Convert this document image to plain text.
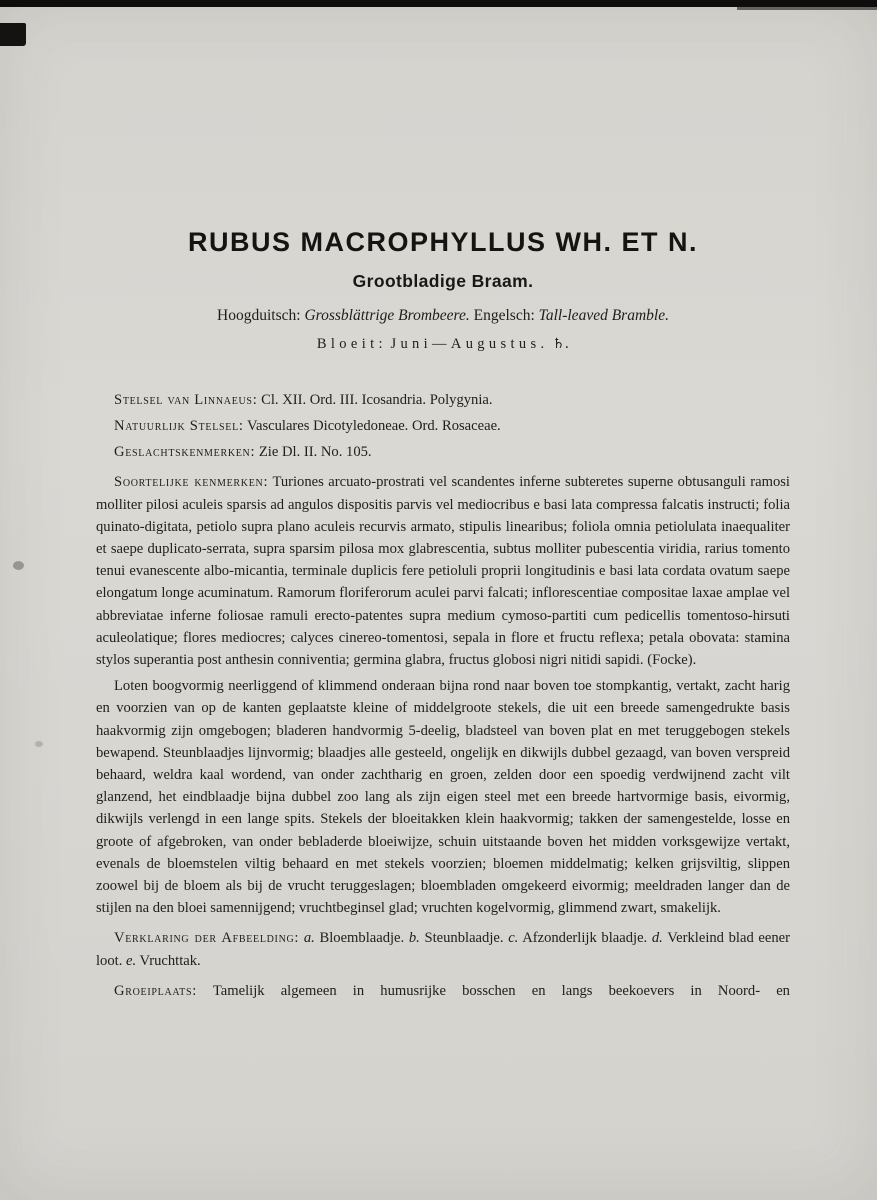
RUBUS MACROPHYLLUS WH. ET N.
Grootbladige Braam.

Hoogduitsch: Grossblättrige Brombeere. Engelsch: Tall-leaved Bramble.

Bloeit: Juni—Augustus. ♄.

Stelsel van Linnaeus: Cl. XII. Ord. III. Icosandria. Polygynia.

Natuurlijk Stelsel: Vasculares Dicotyledoneae. Ord. Rosaceae.

Geslachtskenmerken: Zie Dl. II. No. 105.

Soortelijke kenmerken: Turiones arcuato-prostrati vel scandentes inferne subteretes superne obtusanguli ramosi molliter pilosi aculeis sparsis ad angulos dispositis parvis vel mediocribus e basi lata compressa falcatis instructi; folia quinato-digitata, petiolo supra plano aculeis recurvis armato, stipulis linearibus; foliola omnia petiolulata inaequaliter et saepe duplicato-serrata, supra sparsim pilosa mox glabrescentia, subtus molliter pubescentia viridia, rarius tomento tenui evanescente albo-micantia, terminale duplicis fere petioluli proprii longitudinis e basi lata cordata ovatum saepe elongatum longe acuminatum. Ramorum floriferorum aculei parvi falcati; inflorescentiae compositae laxae amplae vel abbreviatae inferne foliosae ramuli erecto-patentes supra medium cymoso-partiti cum pedicellis tomentoso-hirsuti aculeolatique; flores mediocres; calyces cinereo-tomentosi, sepala in flore et fructu reflexa; petala obovata: stamina stylos superantia post anthesin conniventia; germina glabra, fructus globosi nigri nitidi sapidi. (Focke).

Loten boogvormig neerliggend of klimmend onderaan bijna rond naar boven toe stompkantig, vertakt, zacht harig en voorzien van op de kanten geplaatste kleine of middelgroote stekels, die uit een breede samengedrukte basis haakvormig zijn omgebogen; bladeren handvormig 5-deelig, bladsteel van boven plat en met teruggebogen stekels bewapend. Steunblaadjes lijnvormig; blaadjes alle gesteeld, ongelijk en dikwijls dubbel gezaagd, van boven verspreid behaard, weldra kaal wordend, van onder zachtharig en groen, zelden door een spoedig verdwijnend zacht vilt glanzend, het eindblaadje bijna dubbel zoo lang als zijn eigen steel met een breede hartvormige basis, eivormig, dikwijls verlengd in een lange spits. Stekels der bloeitakken klein haakvormig; takken der samengestelde, losse en groote of afgebroken, van onder bebladerde bloeiwijze, schuin uitstaande boven het midden vorksgewijze vertakt, evenals de bloemstelen viltig behaard en met stekels voorzien; bloemen middelmatig; kelken grijsviltig, slippen zoowel bij de bloem als bij de vrucht teruggeslagen; bloembladen omgekeerd eivormig; meeldraden langer dan de stijlen na den bloei samennijgend; vruchtbeginsel glad; vruchten kogelvormig, glimmend zwart, smakelijk.

Verklaring der Afbeelding: a. Bloemblaadje. b. Steunblaadje. c. Afzonderlijk blaadje. d. Verkleind blad eener loot. e. Vruchttak.

Groeiplaats: Tamelijk algemeen in humusrijke bosschen en langs beekoevers in Noord- en
